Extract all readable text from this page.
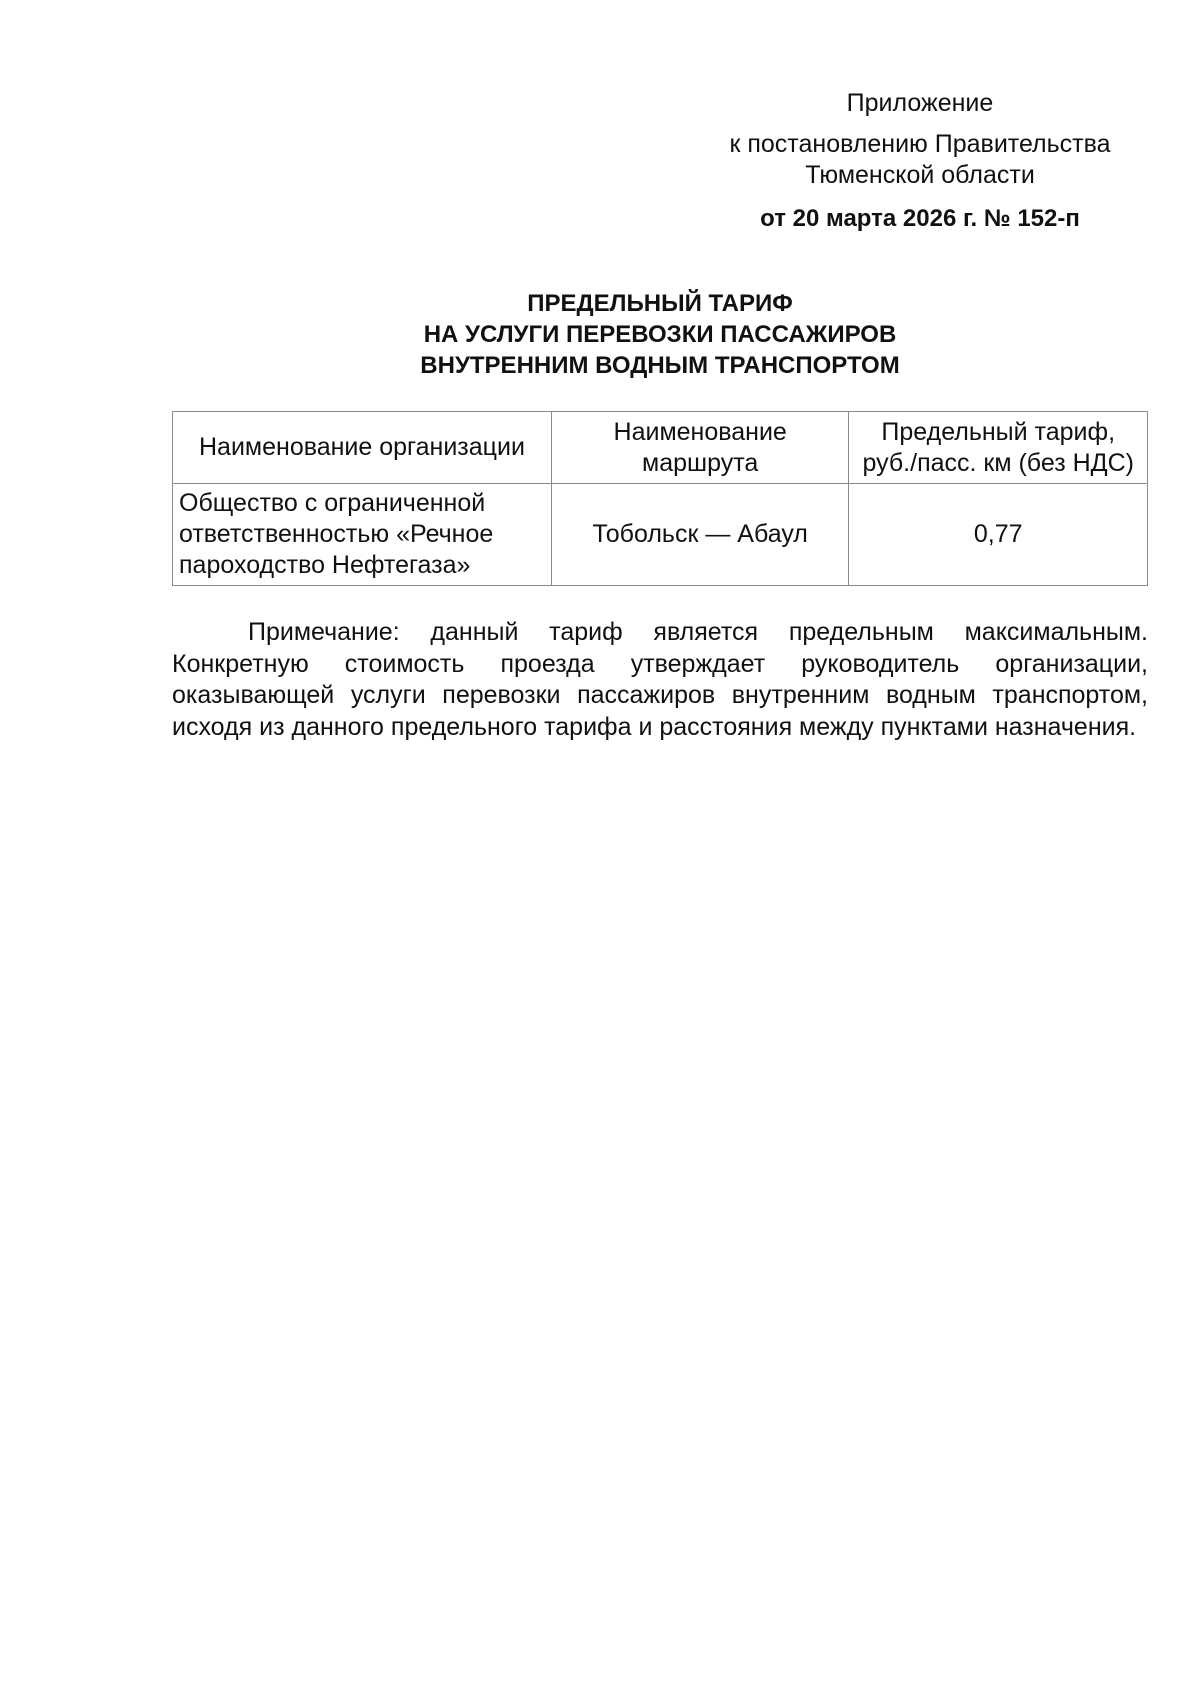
Приложение
к постановлению Правительства
Тюменской области
от 20 марта 2026 г. № 152-п
ПРЕДЕЛЬНЫЙ ТАРИФ
НА УСЛУГИ ПЕРЕВОЗКИ ПАССАЖИРОВ
ВНУТРЕННИМ ВОДНЫМ ТРАНСПОРТОМ
Наименование организации	Наименование маршрута	Предельный тариф, руб./пасс. км (без НДС)
Общество с ограниченной ответственностью «Речное пароходство Нефтегаза»	Тобольск — Абаул	0,77

Примечание: данный тариф является предельным максимальным. Конкретную стоимость проезда утверждает руководитель организации, оказывающей услуги перевозки пассажиров внутренним водным транспортом, исходя из данного предельного тарифа и расстояния между пунктами назначения.
